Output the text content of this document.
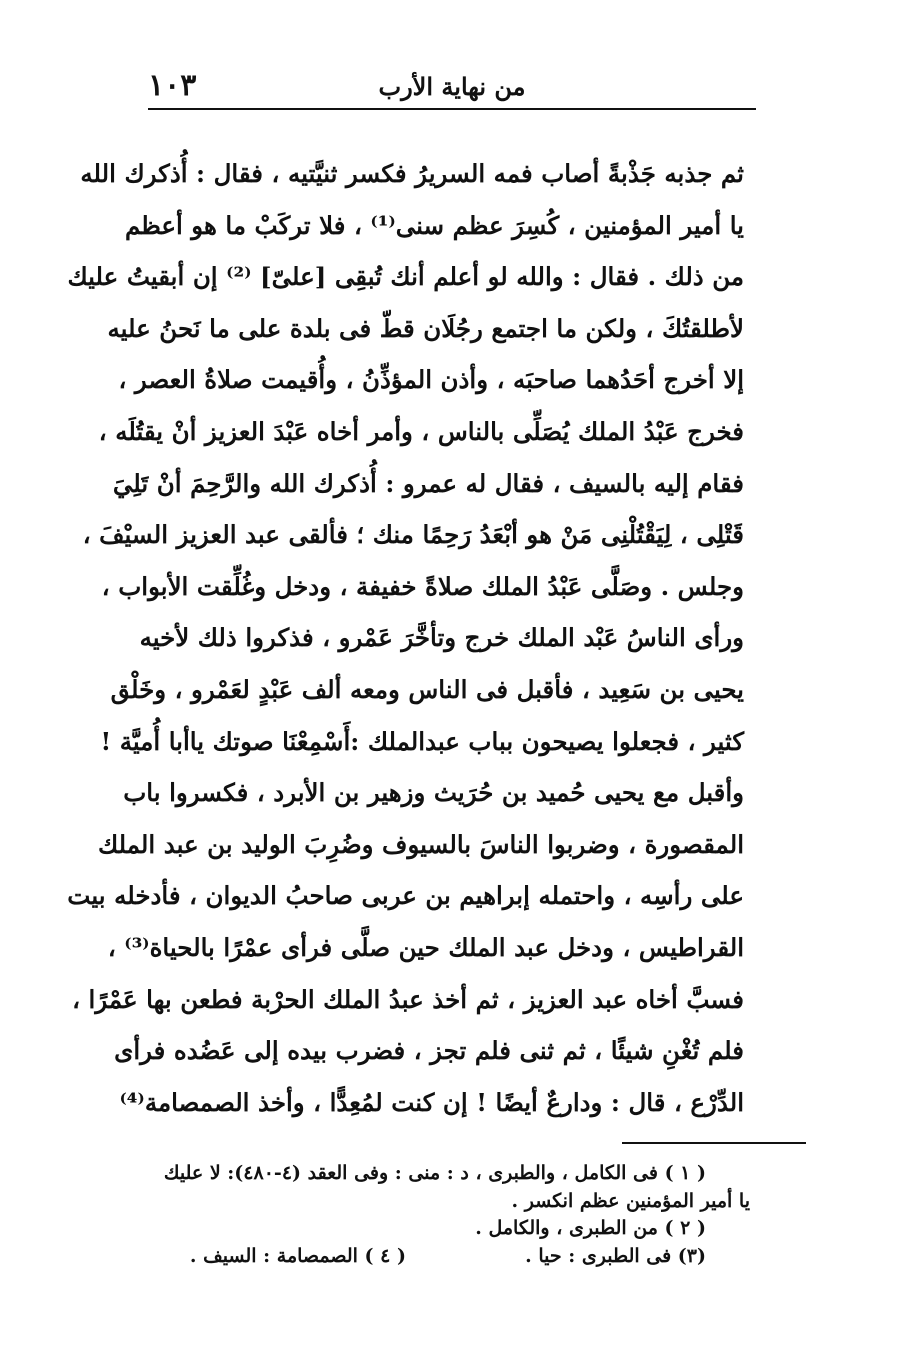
من نهاية الأرب
١٠٣
ثم جذبه جَذْبةً أصاب فمه السريرُ فكسر ثنيَّتيه ، فقال : أُذكرك الله
يا أمير المؤمنين ، كُسِرَ عظم سنى⁽¹⁾ ، فلا تركَبْ ما هو أعظم
من ذلك . فقال : والله لو أعلم أنك تُبقِى [علىّ] ⁽²⁾ إن أبقيتُ عليك
لأطلقتُكَ ، ولكن ما اجتمع رجُلَان قطّ فى بلدة على ما نَحنُ عليه
إلا أخرج أحَدُهما صاحبَه ، وأذن المؤذِّنُ ، وأُقيمت صلاةُ العصر ،
فخرج عَبْدُ الملك يُصَلِّى بالناس ، وأمر أخاه عَبْدَ العزيز أنْ يقتُلَه ،
فقام إليه بالسيف ، فقال له عمرو : أُذكرك الله والرَّحِمَ أنْ تَلِيَ
قَتْلِى ، لِيَقْتُلْنِى مَنْ هو أبْعَدُ رَحِمًا منك ؛ فألقى عبد العزيز السيْفَ ،
وجلس . وصَلَّى عَبْدُ الملك صلاةً خفيفة ، ودخل وغُلِّقت الأبواب ،
ورأى الناسُ عَبْد الملك خرج وتأخَّرَ عَمْرو ، فذكروا ذلك لأخيه
يحيى بن سَعِيد ، فأقبل فى الناس ومعه ألف عَبْدٍ لعَمْرو ، وخَلْق
كثير ، فجعلوا يصيحون بباب عبدالملك :أَسْمِعْنَا صوتك ياأبا أُميَّة !
وأقبل مع يحيى حُميد بن حُرَيث وزهير بن الأبرد ، فكسروا باب
المقصورة ، وضربوا الناسَ بالسيوف وضُرِبَ الوليد بن عبد الملك
على رأسِه ، واحتمله إبراهيم بن عربى صاحبُ الديوان ، فأدخله بيت
القراطيس ، ودخل عبد الملك حين صلَّى فرأى عمْرًا بالحياة⁽³⁾ ،
فسبَّ أخاه عبد العزيز ، ثم أخذ عبدُ الملك الحرْبة فطعن بها عَمْرًا ،
فلم تُغْنِ شيئًا ، ثم ثنى فلم تجز ، فضرب بيده إلى عَضُده فرأى
الدِّرْع ، قال : ودارعٌ أيضًا ! إن كنت لمُعِدًّا ، وأخذ الصمصامة⁽⁴⁾
( ١ ) فى الكامل ، والطبرى ، د : منى : وفى العقد (٤-٤٨٠): لا عليك
يا أمير المؤمنين عظم انكسر .
( ٢ ) من الطبرى ، والكامل .
(٣) فى الطبرى : حيا .
( ٤ ) الصمصامة : السيف .
